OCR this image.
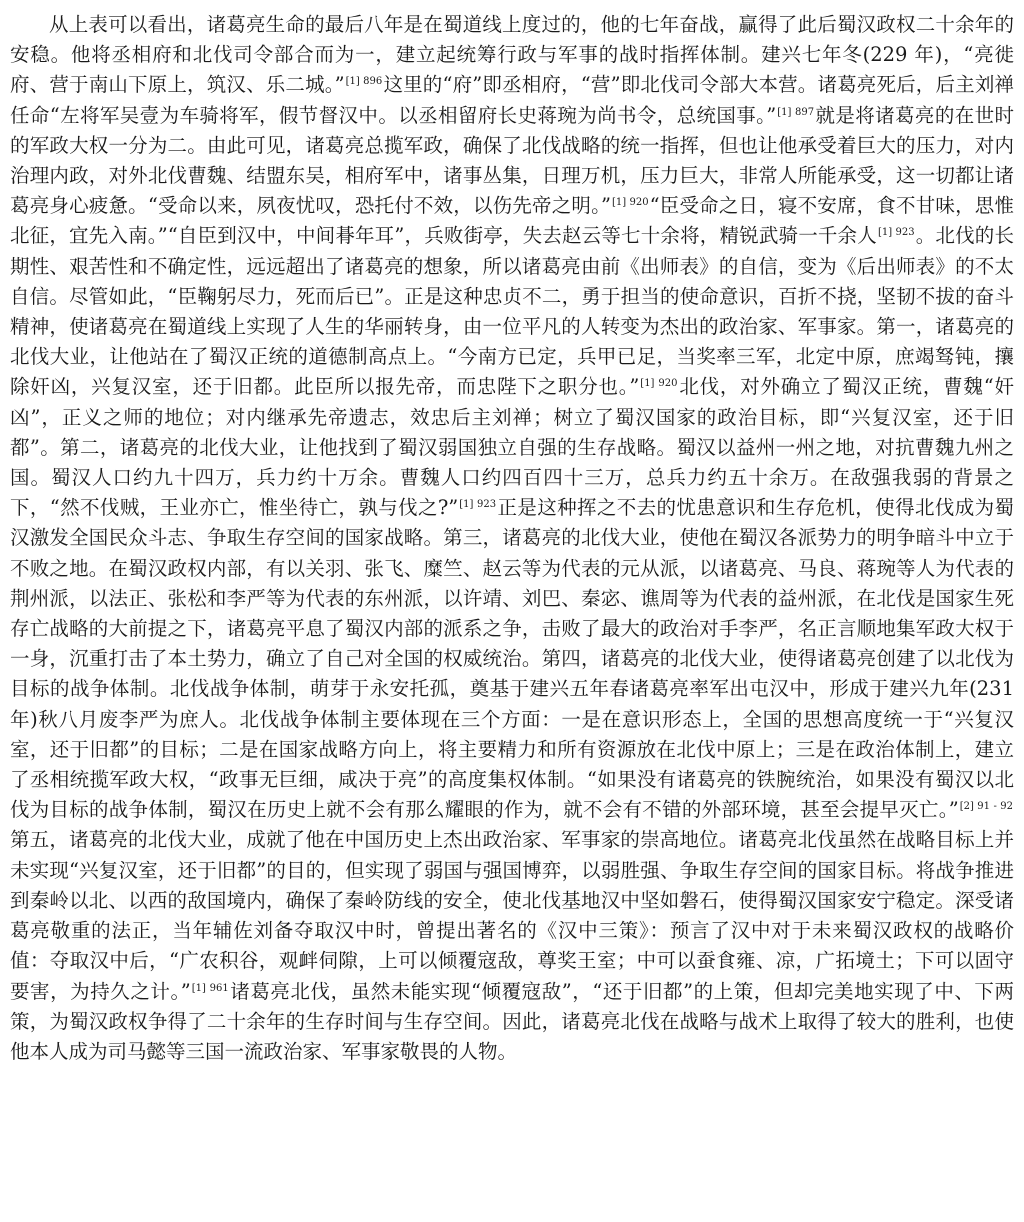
从上表可以看出，诸葛亮生命的最后八年是在蜀道线上度过的，他的七年奋战，赢得了此后蜀汉政权二十余年的安稳。他将丞相府和北伐司令部合而为一，建立起统筹行政与军事的战时指挥体制。建兴七年冬(229 年)，“亮徙府、营于南山下原上，筑汉、乐二城。”$^{[1] 896}$这里的“府”即丞相府，“营”即北伐司令部大本营。诸葛亮死后，后主刘禅任命“左将军吴壹为车骑将军，假节督汉中。以丞相留府长史蒋琬为尚书令，总统国事。”$^{[1] 897}$就是将诸葛亮的在世时的军政大权一分为二。由此可见，诸葛亮总揽军政，确保了北伐战略的统一指挥，但也让他承受着巨大的压力，对内治理内政，对外北伐曹魏、结盟东吴，相府军中，诸事丛集，日理万机，压力巨大，非常人所能承受，这一切都让诸葛亮身心疲惫。“受命以来，夙夜忧叹，恐托付不效，以伤先帝之明。”$^{[1] 920}$“臣受命之日，寝不安席，食不甘味，思惟北征，宜先入南。”“自臣到汉中，中间朞年耳”，兵败街亭，失去赵云等七十余将，精锐武骑一千余人$^{[1] 923}$。北伐的长期性、艰苦性和不确定性，远远超出了诸葛亮的想象，所以诸葛亮由前《出师表》的自信，变为《后出师表》的不太自信。尽管如此，“臣鞠躬尽力，死而后已”。正是这种忠贞不二，勇于担当的使命意识，百折不挠，坚韧不拔的奋斗精神，使诸葛亮在蜀道线上实现了人生的华丽转身，由一位平凡的人转变为杰出的政治家、军事家。第一，诸葛亮的北伐大业，让他站在了蜀汉正统的道德制高点上。“今南方已定，兵甲已足，当奖率三军，北定中原，庶竭驽钝，攘除奸凶，兴复汉室，还于旧都。此臣所以报先帝，而忠陛下之职分也。”$^{[1] 920}$北伐，对外确立了蜀汉正统，曹魏“奸凶”，正义之师的地位；对内继承先帝遗志，效忠后主刘禅；树立了蜀汉国家的政治目标，即“兴复汉室，还于旧都”。第二，诸葛亮的北伐大业，让他找到了蜀汉弱国独立自强的生存战略。蜀汉以益州一州之地，对抗曹魏九州之国。蜀汉人口约九十四万，兵力约十万余。曹魏人口约四百四十三万，总兵力约五十余万。在敌强我弱的背景之下，“然不伐贼，王业亦亡，惟坐待亡，孰与伐之?”$^{[1] 923}$正是这种挥之不去的忧患意识和生存危机，使得北伐成为蜀汉激发全国民众斗志、争取生存空间的国家战略。第三，诸葛亮的北伐大业，使他在蜀汉各派势力的明争暗斗中立于不败之地。在蜀汉政权内部，有以关羽、张飞、糜竺、赵云等为代表的元从派，以诸葛亮、马良、蒋琬等人为代表的荆州派，以法正、张松和李严等为代表的东州派，以许靖、刘巴、秦宓、谯周等为代表的益州派，在北伐是国家生死存亡战略的大前提之下，诸葛亮平息了蜀汉内部的派系之争，击败了最大的政治对手李严，名正言顺地集军政大权于一身，沉重打击了本土势力，确立了自己对全国的权威统治。第四，诸葛亮的北伐大业，使得诸葛亮创建了以北伐为目标的战争体制。北伐战争体制，萌芽于永安托孤，奠基于建兴五年春诸葛亮率军出屯汉中，形成于建兴九年(231 年)秋八月废李严为庶人。北伐战争体制主要体现在三个方面：一是在意识形态上，全国的思想高度统一于“兴复汉室，还于旧都”的目标；二是在国家战略方向上，将主要精力和所有资源放在北伐中原上；三是在政治体制上，建立了丞相统揽军政大权，“政事无巨细，咸决于亮”的高度集权体制。“如果没有诸葛亮的铁腕统治，如果没有蜀汉以北伐为目标的战争体制，蜀汉在历史上就不会有那么耀眼的作为，就不会有不错的外部环境，甚至会提早灭亡。”$^{[2] 91 - 92}$第五，诸葛亮的北伐大业，成就了他在中国历史上杰出政治家、军事家的崇高地位。诸葛亮北伐虽然在战略目标上并未实现“兴复汉室，还于旧都”的目的，但实现了弱国与强国博弈，以弱胜强、争取生存空间的国家目标。将战争推进到秦岭以北、以西的敌国境内，确保了秦岭防线的安全，使北伐基地汉中坚如磐石，使得蜀汉国家安宁稳定。深受诸葛亮敬重的法正，当年辅佐刘备夺取汉中时，曾提出著名的《汉中三策》：预言了汉中对于未来蜀汉政权的战略价值：夺取汉中后，“广农积谷，观衅伺隙，上可以倾覆寇敌，尊奖王室；中可以蚕食雍、凉，广拓境土；下可以固守要害，为持久之计。”$^{[1] 961}$诸葛亮北伐，虽然未能实现“倾覆寇敌”，“还于旧都”的上策，但却完美地实现了中、下两策，为蜀汉政权争得了二十余年的生存时间与生存空间。因此，诸葛亮北伐在战略与战术上取得了较大的胜利，也使他本人成为司马懿等三国一流政治家、军事家敬畏的人物。
